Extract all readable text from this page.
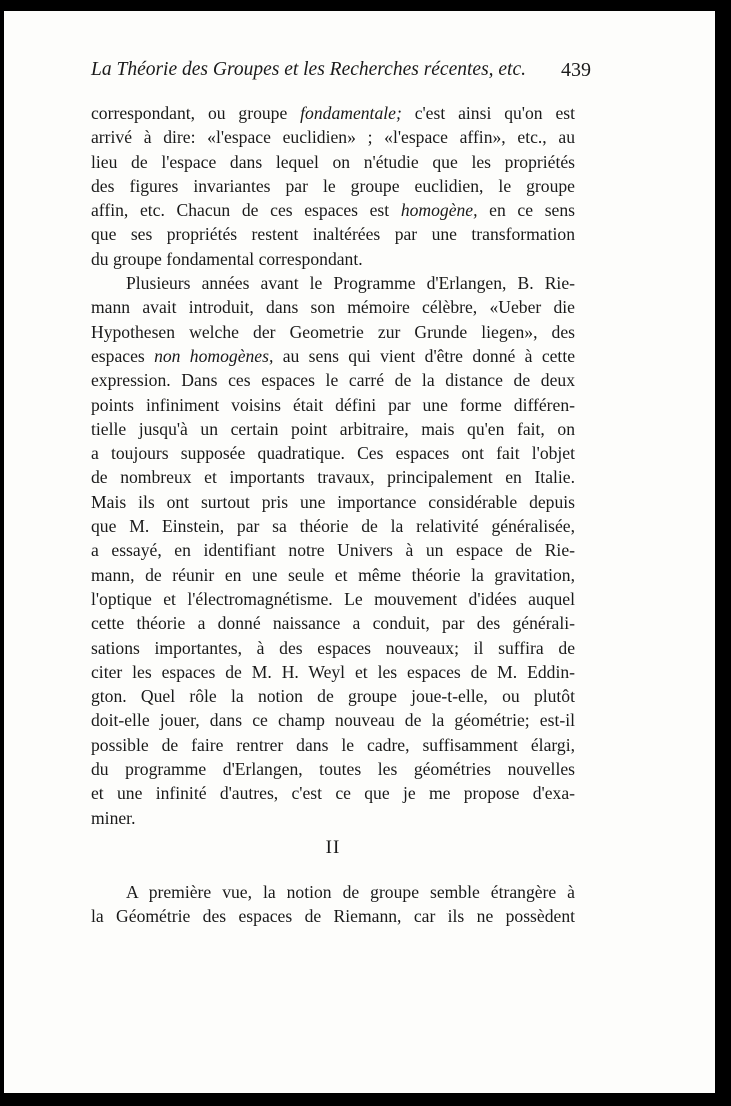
La Théorie des Groupes et les Recherches récentes, etc. 439
correspondant, ou groupe fondamentale; c'est ainsi qu'on est
arrivé à dire: «l'espace euclidien» ; «l'espace affin», etc., au
lieu de l'espace dans lequel on n'étudie que les propriétés
des figures invariantes par le groupe euclidien, le groupe
affin, etc. Chacun de ces espaces est homogène, en ce sens
que ses propriétés restent inaltérées par une transformation
du groupe fondamental correspondant.
Plusieurs années avant le Programme d'Erlangen, B. Rie-
mann avait introduit, dans son mémoire célèbre, «Ueber die
Hypothesen welche der Geometrie zur Grunde liegen», des
espaces non homogènes, au sens qui vient d'être donné à cette
expression. Dans ces espaces le carré de la distance de deux
points infiniment voisins était défini par une forme différen-
tielle jusqu'à un certain point arbitraire, mais qu'en fait, on
a toujours supposée quadratique. Ces espaces ont fait l'objet
de nombreux et importants travaux, principalement en Italie.
Mais ils ont surtout pris une importance considérable depuis
que M. Einstein, par sa théorie de la relativité généralisée,
a essayé, en identifiant notre Univers à un espace de Rie-
mann, de réunir en une seule et même théorie la gravitation,
l'optique et l'électromagnétisme. Le mouvement d'idées auquel
cette théorie a donné naissance a conduit, par des générali-
sations importantes, à des espaces nouveaux; il suffira de
citer les espaces de M. H. Weyl et les espaces de M. Eddin-
gton. Quel rôle la notion de groupe joue-t-elle, ou plutôt
doit-elle jouer, dans ce champ nouveau de la géométrie; est-il
possible de faire rentrer dans le cadre, suffisamment élargi,
du programme d'Erlangen, toutes les géométries nouvelles
et une infinité d'autres, c'est ce que je me propose d'exa-
miner.
II
A première vue, la notion de groupe semble étrangère à
la Géométrie des espaces de Riemann, car ils ne possèdent
